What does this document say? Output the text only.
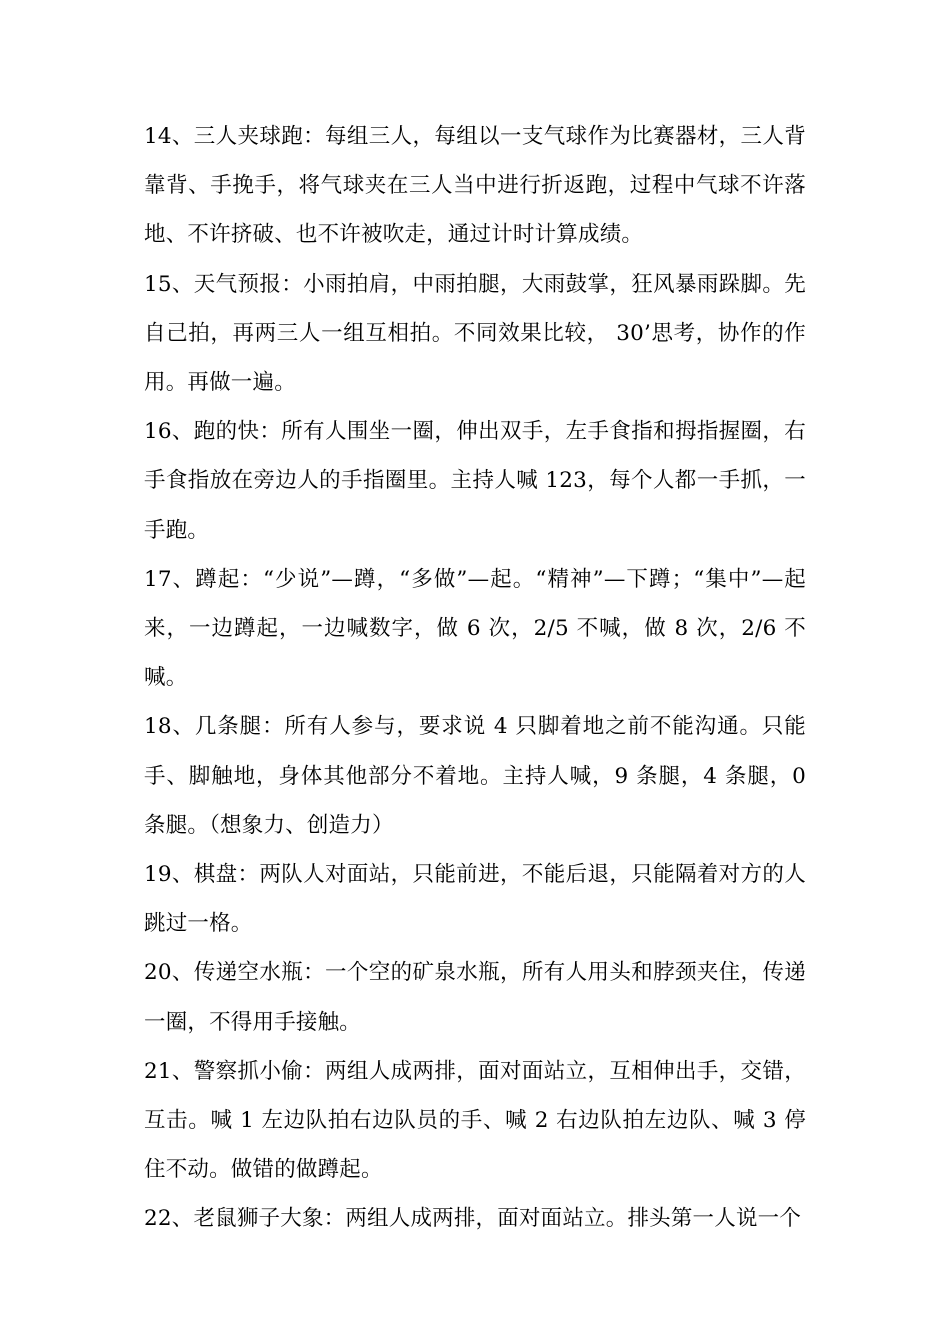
14、三人夹球跑：每组三人，每组以一支气球作为比赛器材，三人背靠背、手挽手，将气球夹在三人当中进行折返跑，过程中气球不许落地、不许挤破、也不许被吹走，通过计时计算成绩。

15、天气预报：小雨拍肩，中雨拍腿，大雨鼓掌，狂风暴雨跺脚。先自己拍，再两三人一组互相拍。不同效果比较， 30’思考，协作的作用。再做一遍。

16、跑的快：所有人围坐一圈，伸出双手，左手食指和拇指握圈，右手食指放在旁边人的手指圈里。主持人喊 123，每个人都一手抓，一手跑。

17、蹲起：“少说”—蹲，“多做”—起。“精神”—下蹲；“集中”—起来，一边蹲起，一边喊数字，做 6 次，2/5 不喊，做 8 次，2/6 不喊。

18、几条腿：所有人参与，要求说 4 只脚着地之前不能沟通。只能手、脚触地，身体其他部分不着地。主持人喊，9 条腿，4 条腿，0 条腿。（想象力、创造力）

19、棋盘：两队人对面站，只能前进，不能后退，只能隔着对方的人跳过一格。

20、传递空水瓶：一个空的矿泉水瓶，所有人用头和脖颈夹住，传递一圈，不得用手接触。

21、警察抓小偷：两组人成两排，面对面站立，互相伸出手，交错，互击。喊 1 左边队拍右边队员的手、喊 2 右边队拍左边队、喊 3 停住不动。做错的做蹲起。

22、老鼠狮子大象：两组人成两排，面对面站立。排头第一人说一个
